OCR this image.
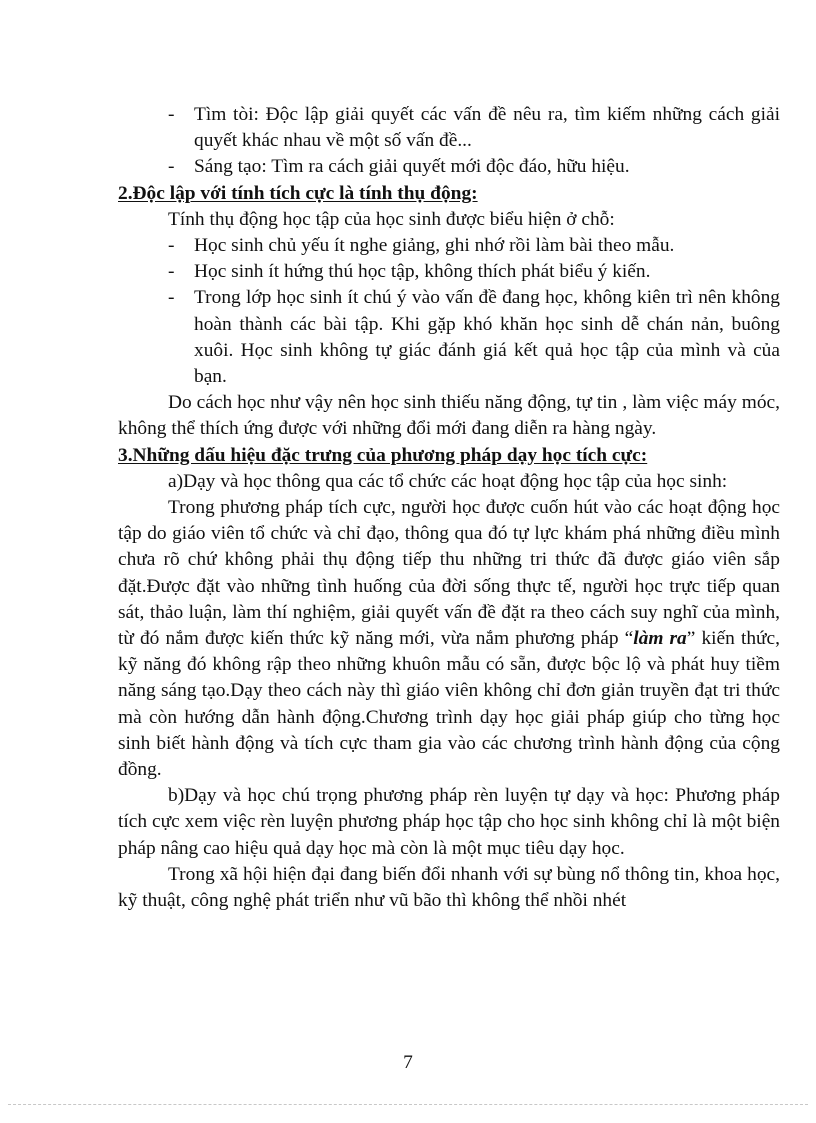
-	Tìm tòi: Độc lập giải quyết các vấn đề nêu ra, tìm kiếm những cách giải quyết khác nhau về một số vấn đề...
-	Sáng tạo: Tìm ra cách giải quyết mới độc đáo, hữu hiệu.

2.Độc lập với tính tích cực là tính thụ động:

Tính thụ động học tập của học sinh được biểu hiện ở chỗ:

-	Học sinh chủ yếu ít nghe giảng, ghi nhớ rồi làm bài theo mẫu.
-	Học sinh ít hứng thú học tập, không thích phát biểu ý kiến.
-	Trong lớp học sinh ít chú ý vào vấn đề đang học, không kiên trì nên không hoàn thành các bài tập. Khi gặp khó khăn học sinh dễ chán nản, buông xuôi. Học sinh không tự giác đánh giá kết quả học tập của mình và của bạn.

Do cách học như vậy nên học sinh thiếu năng động, tự tin , làm việc máy móc, không thể thích ứng được với những đổi mới đang diễn ra hàng ngày.

3.Những dấu hiệu đặc trưng của phương pháp dạy học tích cực:

a)Dạy và học thông qua các tổ chức các hoạt động học tập của học sinh:

Trong phương pháp tích cực, người học được cuốn hút vào các hoạt động học tập do giáo viên tổ chức và chỉ đạo, thông qua đó tự lực khám phá những điều mình chưa rõ chứ không phải thụ động tiếp thu những tri thức đã được giáo viên sắp đặt.Được đặt vào những tình huống của đời sống thực tế, người học trực tiếp quan sát, thảo luận, làm thí nghiệm, giải quyết vấn đề đặt ra theo cách suy nghĩ của mình, từ đó nắm được kiến thức kỹ năng mới, vừa nắm phương pháp “làm ra” kiến thức, kỹ năng đó không rập theo những khuôn mẫu có sẵn, được bộc lộ và phát huy tiềm năng sáng tạo.Dạy theo cách này thì giáo viên không chỉ đơn giản truyền đạt tri thức mà còn hướng dẫn hành động.Chương trình dạy học giải pháp giúp cho từng học sinh biết hành động và tích cực tham gia vào các chương trình hành động của cộng đồng.

b)Dạy và học chú trọng phương pháp rèn luyện tự dạy và học: Phương pháp tích cực xem việc rèn luyện phương pháp học tập cho học sinh không chỉ là một biện pháp nâng cao hiệu quả dạy học mà còn là một mục tiêu dạy học.

Trong xã hội hiện đại đang biến đổi nhanh với sự bùng nổ thông tin, khoa học, kỹ thuật, công nghệ phát triển như vũ bão thì không thể nhồi nhét

7
